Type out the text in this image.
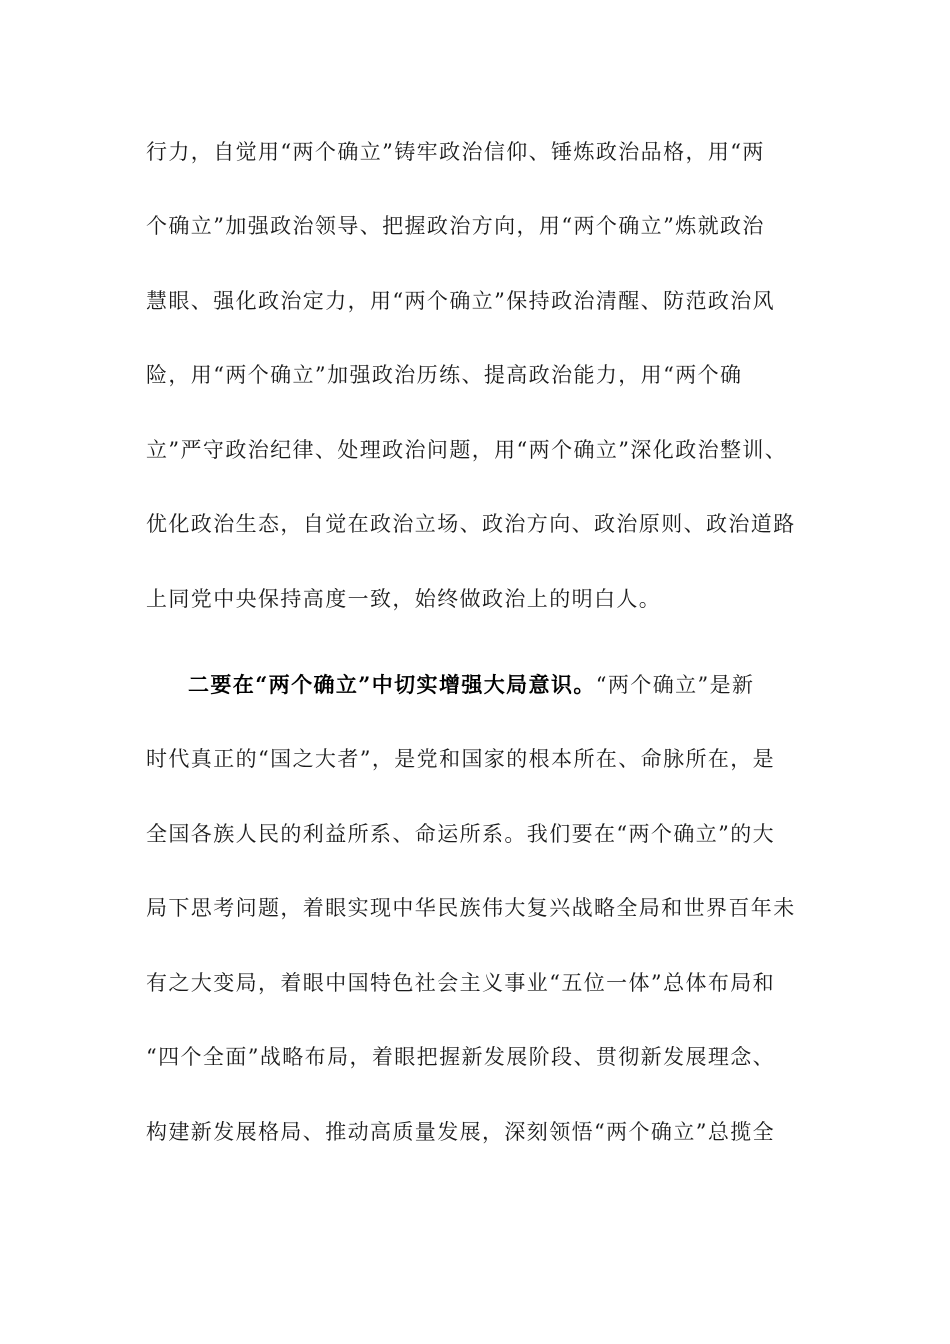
行力，自觉用“两个确立”铸牢政治信仰、锤炼政治品格，用“两
个确立”加强政治领导、把握政治方向，用“两个确立”炼就政治
慧眼、强化政治定力，用“两个确立”保持政治清醒、防范政治风
险，用“两个确立”加强政治历练、提高政治能力，用“两个确
立”严守政治纪律、处理政治问题，用“两个确立”深化政治整训、
优化政治生态，自觉在政治立场、政治方向、政治原则、政治道路
上同党中央保持高度一致，始终做政治上的明白人。
二要在“两个确立”中切实增强大局意识。“两个确立”是新
时代真正的“国之大者”，是党和国家的根本所在、命脉所在，是
全国各族人民的利益所系、命运所系。我们要在“两个确立”的大
局下思考问题，着眼实现中华民族伟大复兴战略全局和世界百年未
有之大变局，着眼中国特色社会主义事业“五位一体”总体布局和
“四个全面”战略布局，着眼把握新发展阶段、贯彻新发展理念、
构建新发展格局、推动高质量发展，深刻领悟“两个确立”总揽全
